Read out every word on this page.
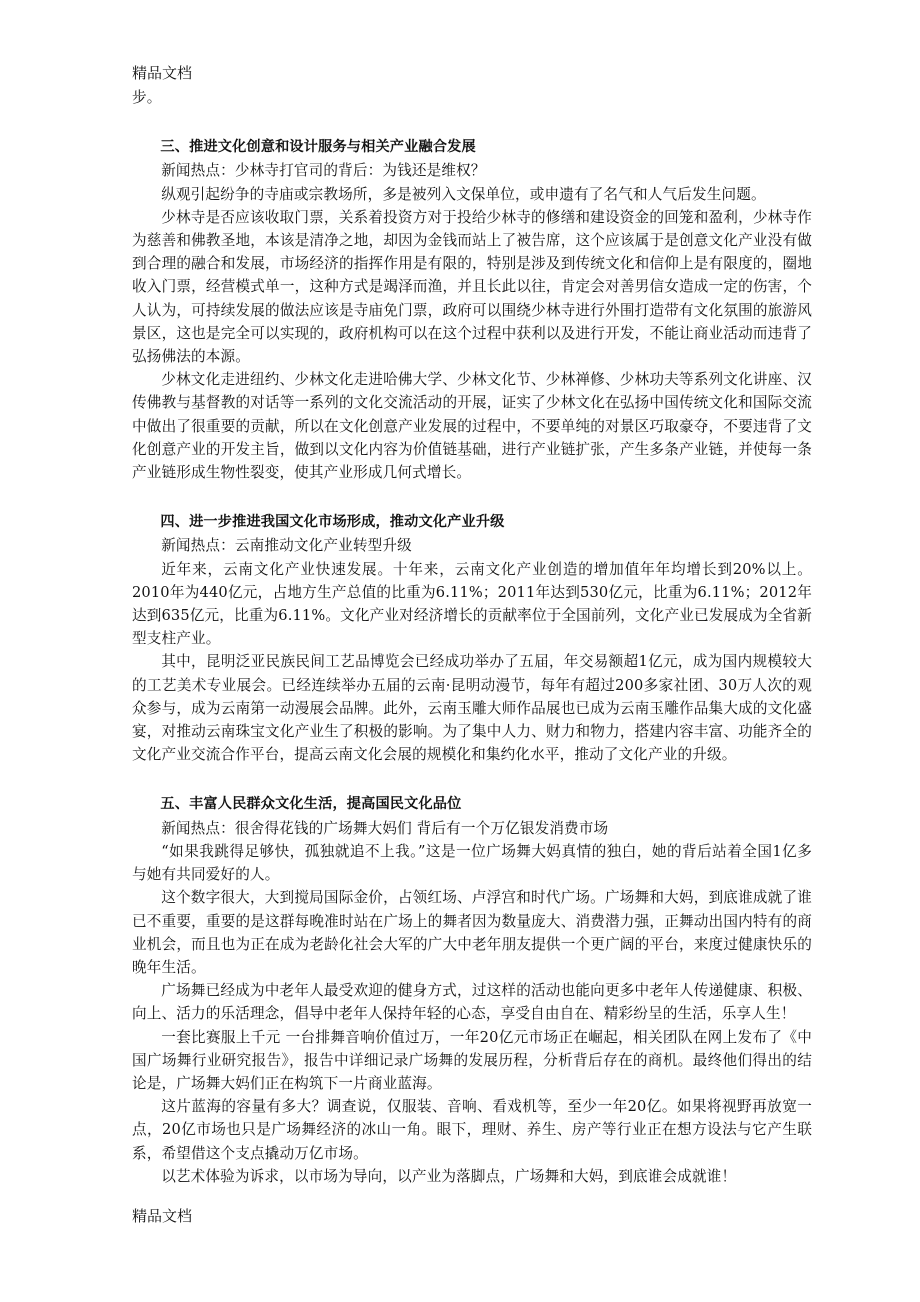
精品文档

步。

三、推进文化创意和设计服务与相关产业融合发展

新闻热点：少林寺打官司的背后：为钱还是维权？

纵观引起纷争的寺庙或宗教场所，多是被列入文保单位，或申遗有了名气和人气后发生问题。

少林寺是否应该收取门票，关系着投资方对于投给少林寺的修缮和建设资金的回笼和盈利，少林寺作为慈善和佛教圣地，本该是清净之地，却因为金钱而站上了被告席，这个应该属于是创意文化产业没有做到合理的融合和发展，市场经济的指挥作用是有限的，特别是涉及到传统文化和信仰上是有限度的，圈地收入门票，经营模式单一，这种方式是竭泽而渔，并且长此以往，肯定会对善男信女造成一定的伤害，个人认为，可持续发展的做法应该是寺庙免门票，政府可以围绕少林寺进行外围打造带有文化氛围的旅游风景区，这也是完全可以实现的，政府机构可以在这个过程中获利以及进行开发，不能让商业活动而违背了弘扬佛法的本源。

少林文化走进纽约、少林文化走进哈佛大学、少林文化节、少林禅修、少林功夫等系列文化讲座、汉传佛教与基督教的对话等一系列的文化交流活动的开展，证实了少林文化在弘扬中国传统文化和国际交流中做出了很重要的贡献，所以在文化创意产业发展的过程中，不要单纯的对景区巧取豪夺，不要违背了文化创意产业的开发主旨，做到以文化内容为价值链基础，进行产业链扩张，产生多条产业链，并使每一条产业链形成生物性裂变，使其产业形成几何式增长。

四、进一步推进我国文化市场形成，推动文化产业升级

新闻热点：云南推动文化产业转型升级

近年来，云南文化产业快速发展。十年来，云南文化产业创造的增加值年年均增长到20%以上。2010年为440亿元，占地方生产总值的比重为6.11%；2011年达到530亿元，比重为6.11%；2012年达到635亿元，比重为6.11%。文化产业对经济增长的贡献率位于全国前列，文化产业已发展成为全省新型支柱产业。

其中，昆明泛亚民族民间工艺品博览会已经成功举办了五届，年交易额超1亿元，成为国内规模较大的工艺美术专业展会。已经连续举办五届的云南·昆明动漫节，每年有超过200多家社团、30万人次的观众参与，成为云南第一动漫展会品牌。此外，云南玉雕大师作品展也已成为云南玉雕作品集大成的文化盛宴，对推动云南珠宝文化产业生了积极的影响。为了集中人力、财力和物力，搭建内容丰富、功能齐全的文化产业交流合作平台，提高云南文化会展的规模化和集约化水平，推动了文化产业的升级。

五、丰富人民群众文化生活，提高国民文化品位

新闻热点：很舍得花钱的广场舞大妈们 背后有一个万亿银发消费市场

“如果我跳得足够快，孤独就追不上我。”这是一位广场舞大妈真情的独白，她的背后站着全国1亿多与她有共同爱好的人。

这个数字很大，大到搅局国际金价，占领红场、卢浮宫和时代广场。广场舞和大妈，到底谁成就了谁已不重要，重要的是这群每晚准时站在广场上的舞者因为数量庞大、消费潜力强，正舞动出国内特有的商业机会，而且也为正在成为老龄化社会大军的广大中老年朋友提供一个更广阔的平台，来度过健康快乐的晚年生活。

广场舞已经成为中老年人最受欢迎的健身方式，过这样的活动也能向更多中老年人传递健康、积极、向上、活力的乐活理念，倡导中老年人保持年轻的心态，享受自由自在、精彩纷呈的生活，乐享人生！

一套比赛服上千元 一台排舞音响价值过万，一年20亿元市场正在崛起，相关团队在网上发布了《中国广场舞行业研究报告》，报告中详细记录广场舞的发展历程，分析背后存在的商机。最终他们得出的结论是，广场舞大妈们正在构筑下一片商业蓝海。

这片蓝海的容量有多大？调查说，仅服装、音响、看戏机等，至少一年20亿。如果将视野再放宽一点，20亿市场也只是广场舞经济的冰山一角。眼下，理财、养生、房产等行业正在想方设法与它产生联系，希望借这个支点撬动万亿市场。

以艺术体验为诉求，以市场为导向，以产业为落脚点，广场舞和大妈，到底谁会成就谁！

精品文档
